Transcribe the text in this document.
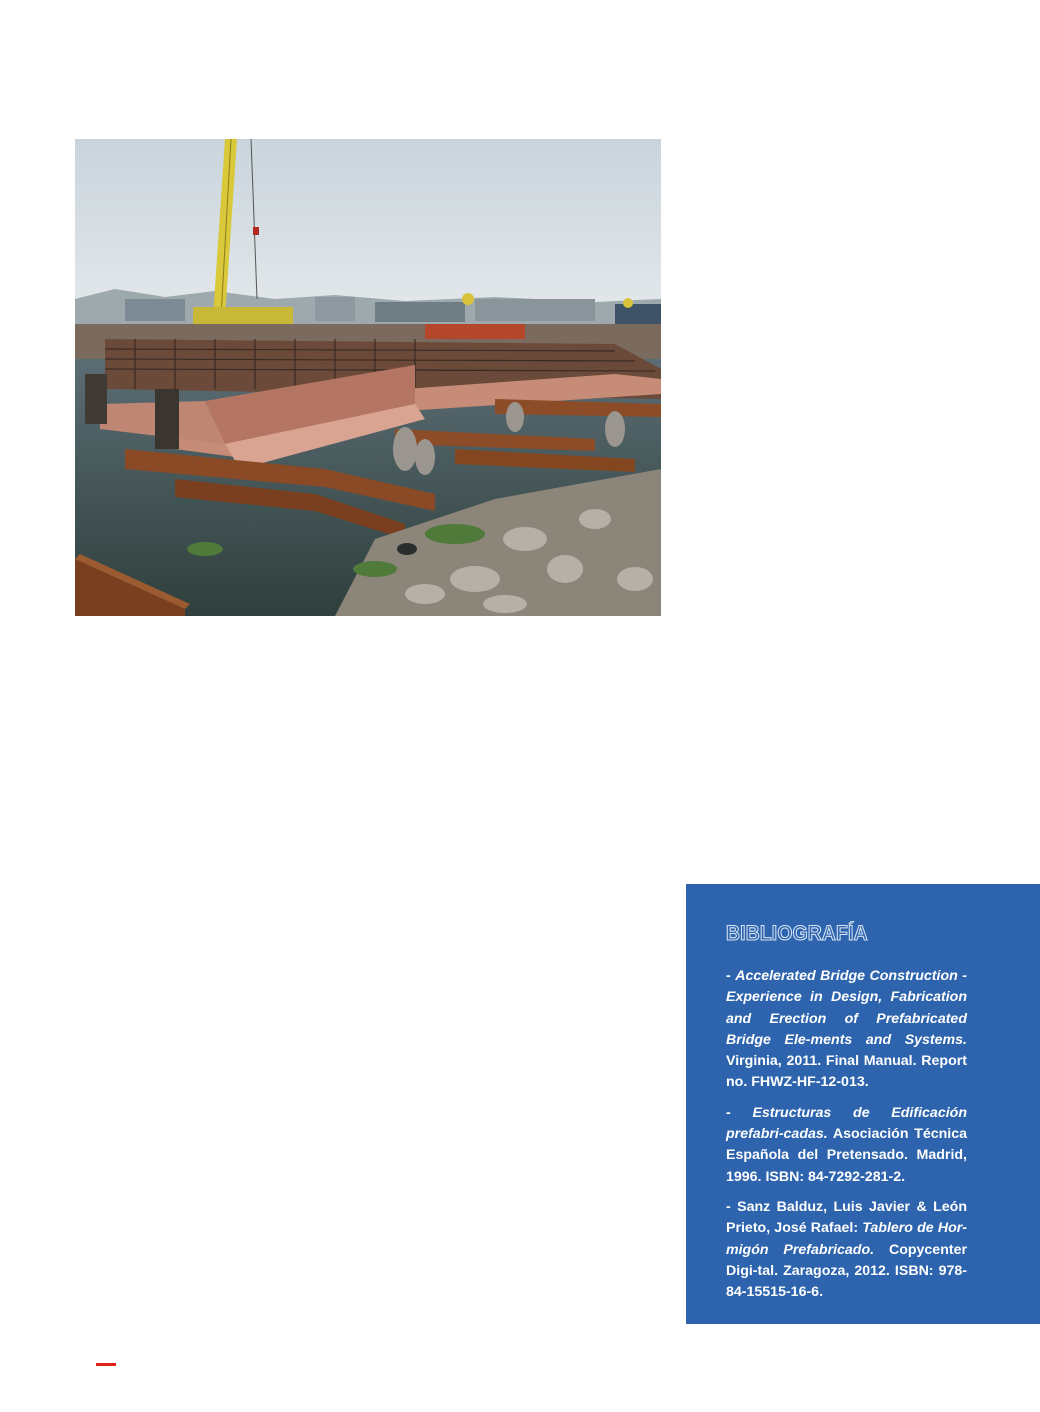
BIBLIOGRAFÍA

- Accelerated Bridge Construction - Experience in Design, Fabrication and Erection of Prefabricated Bridge Ele-ments and Systems. Virginia, 2011. Final Manual. Report no. FHWZ-HF-12-013.

- Estructuras de Edificación prefabri-cadas. Asociación Técnica Española del Pretensado. Madrid, 1996. ISBN: 84-7292-281-2.

- Sanz Balduz, Luis Javier & León Prieto, José Rafael: Tablero de Hor-migón Prefabricado. Copycenter Digi-tal. Zaragoza, 2012. ISBN: 978-84-15515-16-6.
